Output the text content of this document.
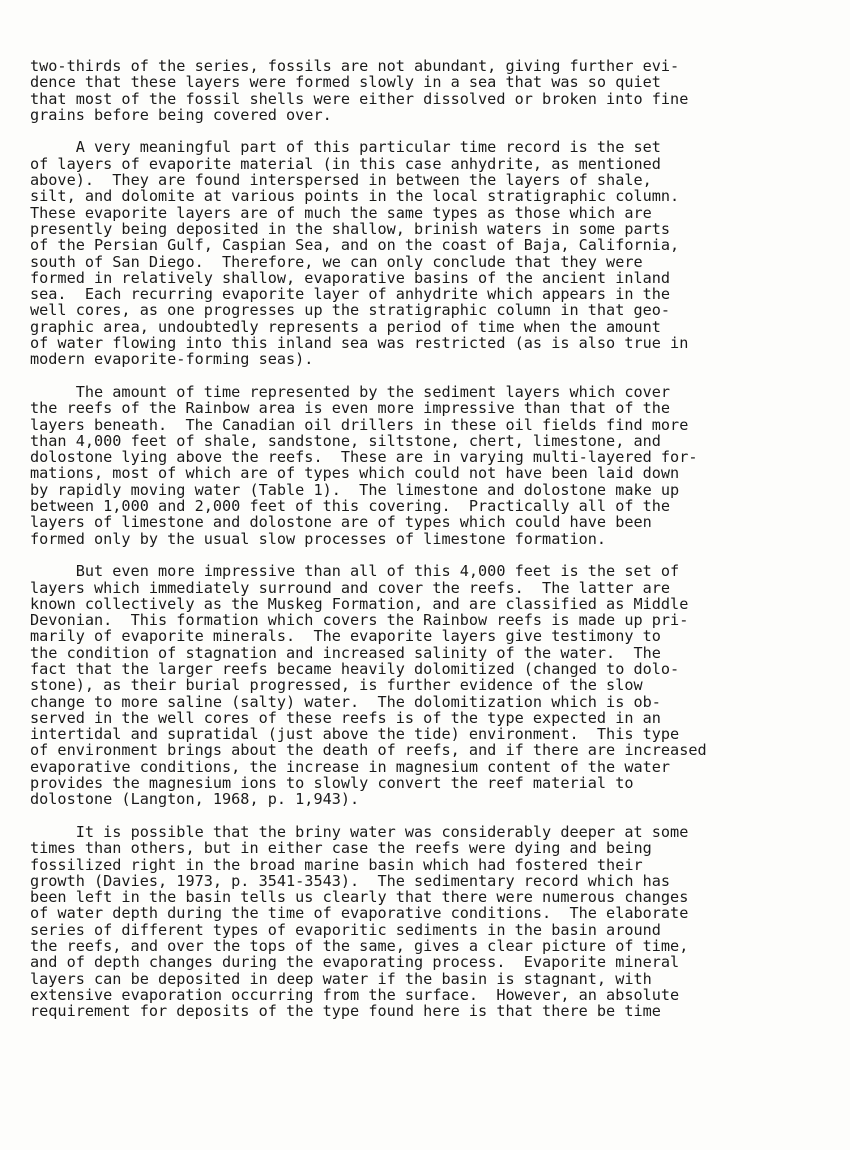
two-thirds of the series, fossils are not abundant, giving further evi-
dence that these layers were formed slowly in a sea that was so quiet
that most of the fossil shells were either dissolved or broken into fine
grains before being covered over.
A very meaningful part of this particular time record is the set
of layers of evaporite material (in this case anhydrite, as mentioned
above).  They are found interspersed in between the layers of shale,
silt, and dolomite at various points in the local stratigraphic column.
These evaporite layers are of much the same types as those which are
presently being deposited in the shallow, brinish waters in some parts
of the Persian Gulf, Caspian Sea, and on the coast of Baja, California,
south of San Diego.  Therefore, we can only conclude that they were
formed in relatively shallow, evaporative basins of the ancient inland
sea.  Each recurring evaporite layer of anhydrite which appears in the
well cores, as one progresses up the stratigraphic column in that geo-
graphic area, undoubtedly represents a period of time when the amount
of water flowing into this inland sea was restricted (as is also true in
modern evaporite-forming seas).
The amount of time represented by the sediment layers which cover
the reefs of the Rainbow area is even more impressive than that of the
layers beneath.  The Canadian oil drillers in these oil fields find more
than 4,000 feet of shale, sandstone, siltstone, chert, limestone, and
dolostone lying above the reefs.  These are in varying multi-layered for-
mations, most of which are of types which could not have been laid down
by rapidly moving water (Table 1).  The limestone and dolostone make up
between 1,000 and 2,000 feet of this covering.  Practically all of the
layers of limestone and dolostone are of types which could have been
formed only by the usual slow processes of limestone formation.
But even more impressive than all of this 4,000 feet is the set of
layers which immediately surround and cover the reefs.  The latter are
known collectively as the Muskeg Formation, and are classified as Middle
Devonian.  This formation which covers the Rainbow reefs is made up pri-
marily of evaporite minerals.  The evaporite layers give testimony to
the condition of stagnation and increased salinity of the water.  The
fact that the larger reefs became heavily dolomitized (changed to dolo-
stone), as their burial progressed, is further evidence of the slow
change to more saline (salty) water.  The dolomitization which is ob-
served in the well cores of these reefs is of the type expected in an
intertidal and supratidal (just above the tide) environment.  This type
of environment brings about the death of reefs, and if there are increased
evaporative conditions, the increase in magnesium content of the water
provides the magnesium ions to slowly convert the reef material to
dolostone (Langton, 1968, p. 1,943).
It is possible that the briny water was considerably deeper at some
times than others, but in either case the reefs were dying and being
fossilized right in the broad marine basin which had fostered their
growth (Davies, 1973, p. 3541-3543).  The sedimentary record which has
been left in the basin tells us clearly that there were numerous changes
of water depth during the time of evaporative conditions.  The elaborate
series of different types of evaporitic sediments in the basin around
the reefs, and over the tops of the same, gives a clear picture of time,
and of depth changes during the evaporating process.  Evaporite mineral
layers can be deposited in deep water if the basin is stagnant, with
extensive evaporation occurring from the surface.  However, an absolute
requirement for deposits of the type found here is that there be time
